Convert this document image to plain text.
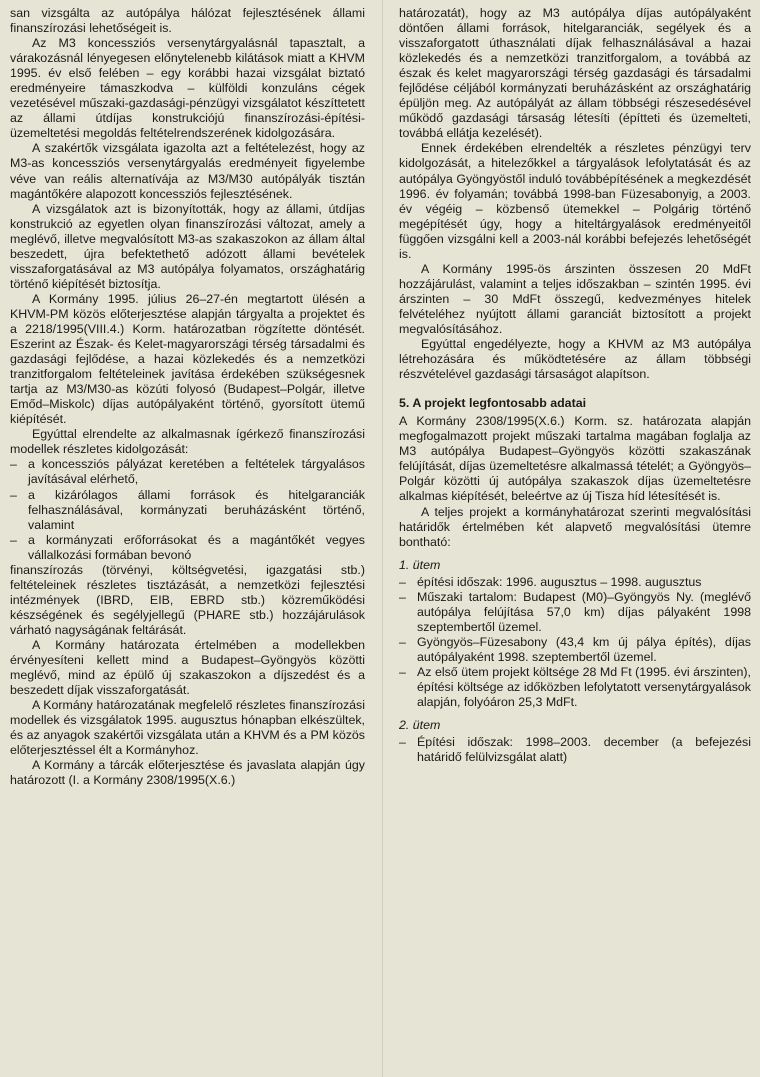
san vizsgálta az autópálya hálózat fejlesztésének állami finanszírozási lehetőségeit is.

Az M3 koncessziós versenytárgyalásnál tapasztalt, a várakozásnál lényegesen előnytelenebb kilátások miatt a KHVM 1995. év első felében – egy korábbi hazai vizsgálat biztató eredményeire támaszkodva – külföldi konzuláns cégek vezetésével műszaki-gazdasági-pénzügyi vizsgálatot készíttetett az állami útdíjas konstrukciójú finanszírozási-építési-üzemeltetési megoldás feltételrendszerének kidolgozására.

A szakértők vizsgálata igazolta azt a feltételezést, hogy az M3-as koncessziós versenytárgyalás eredményeit figyelembe véve van reális alternatívája az M3/M30 autópályák tisztán magántőkére alapozott koncessziós fejlesztésének.

A vizsgálatok azt is bizonyították, hogy az állami, útdíjas konstrukció az egyetlen olyan finanszírozási változat, amely a meglévő, illetve megvalósított M3-as szakaszokon az állam által beszedett, újra befektethető adózott állami bevételek visszaforgatásával az M3 autópálya folyamatos, országhatárig történő kiépítését biztosítja.

A Kormány 1995. július 26–27-én megtartott ülésén a KHVM-PM közös előterjesztése alapján tárgyalta a projektet és a 2218/1995(VIII.4.) Korm. határozatban rögzítette döntését. Eszerint az Észak- és Kelet-magyarországi térség társadalmi és gazdasági fejlődése, a hazai közlekedés és a nemzetközi tranzitforgalom feltételeinek javítása érdekében szükségesnek tartja az M3/M30-as közúti folyosó (Budapest–Polgár, illetve Emőd–Miskolc) díjas autópályaként történő, gyorsított ütemű kiépítését.

Egyúttal elrendelte az alkalmasnak ígérkező finanszírozási modellek részletes kidolgozását:

– a koncessziós pályázat keretében a feltételek tárgyalásos javításával elérhető,
– a kizárólagos állami források és hitelgaranciák felhasználásával, kormányzati beruházásként történő, valamint
– a kormányzati erőforrásokat és a magántőkét vegyes vállalkozási formában bevonó

finanszírozás (törvényi, költségvetési, igazgatási stb.) feltételeinek részletes tisztázását, a nemzetközi fejlesztési intézmények (IBRD, EIB, EBRD stb.) közreműködési készségének és segélyjellegű (PHARE stb.) hozzájárulások várható nagyságának feltárását.

A Kormány határozata értelmében a modellekben érvényesíteni kellett mind a Budapest–Gyöngyös közötti meglévő, mind az épülő új szakaszokon a díjszedést és a beszedett díjak visszaforgatását.

A Kormány határozatának megfelelő részletes finanszírozási modellek és vizsgálatok 1995. augusztus hónapban elkészültek, és az anyagok szakértői vizsgálata után a KHVM és a PM közös előterjesztéssel élt a Kormányhoz.

A Kormány a tárcák előterjesztése és javaslata alapján úgy határozott (I. a Kormány 2308/1995(X.6.)

határozatát), hogy az M3 autópálya díjas autópályaként döntően állami források, hitelgaranciák, segélyek és a visszaforgatott úthasználati díjak felhasználásával a hazai közlekedés és a nemzetközi tranzitforgalom, a továbbá az észak és kelet magyarországi térség gazdasági és társadalmi fejlődése céljából kormányzati beruházásként az országhatárig épüljön meg. Az autópályát az állam többségi részesedésével működő gazdasági társaság létesíti (építteti és üzemelteti, továbbá ellátja kezelését).

Ennek érdekében elrendelték a részletes pénzügyi terv kidolgozását, a hitelezőkkel a tárgyalások lefolytatását és az autópálya Gyöngyöstől induló továbbépítésének a megkezdését 1996. év folyamán; továbbá 1998-ban Füzesabonyig, a 2003. év végéig – közbenső ütemekkel – Polgárig történő megépítését úgy, hogy a hiteltárgyalások eredményeitől függően vizsgálni kell a 2003-nál korábbi befejezés lehetőségét is.

A Kormány 1995-ös árszinten összesen 20 MdFt hozzájárulást, valamint a teljes időszakban – szintén 1995. évi árszinten – 30 MdFt összegű, kedvezményes hitelek felvételéhez nyújtott állami garanciát biztosított a projekt megvalósításához.

Egyúttal engedélyezte, hogy a KHVM az M3 autópálya létrehozására és működtetésére az állam többségi részvételével gazdasági társaságot alapítson.

5. A projekt legfontosabb adatai

A Kormány 2308/1995(X.6.) Korm. sz. határozata alapján megfogalmazott projekt műszaki tartalma magában foglalja az M3 autópálya Budapest–Gyöngyös közötti szakaszának felújítását, díjas üzemeltetésre alkalmassá tételét; a Gyöngyös–Polgár közötti új autópálya szakaszok díjas üzemeltetésre alkalmas kiépítését, beleértve az új Tisza híd létesítését is.

A teljes projekt a kormányhatározat szerinti megvalósítási határidők értelmében két alapvető megvalósítási ütemre bontható:

1. ütem

– építési időszak: 1996. augusztus – 1998. augusztus
– Műszaki tartalom: Budapest (M0)–Gyöngyös Ny. (meglévő autópálya felújítása 57,0 km) díjas pályaként 1998 szeptembertől üzemel.
– Gyöngyös–Füzesabony (43,4 km új pálya építés), díjas autópályaként 1998. szeptembertől üzemel.
– Az első ütem projekt költsége 28 Md Ft (1995. évi árszinten), építési költsége az időközben lefolytatott versenytárgyalások alapján, folyóáron 25,3 MdFt.

2. ütem

– Építési időszak: 1998–2003. december (a befejezési határidő felülvizsgálat alatt)
